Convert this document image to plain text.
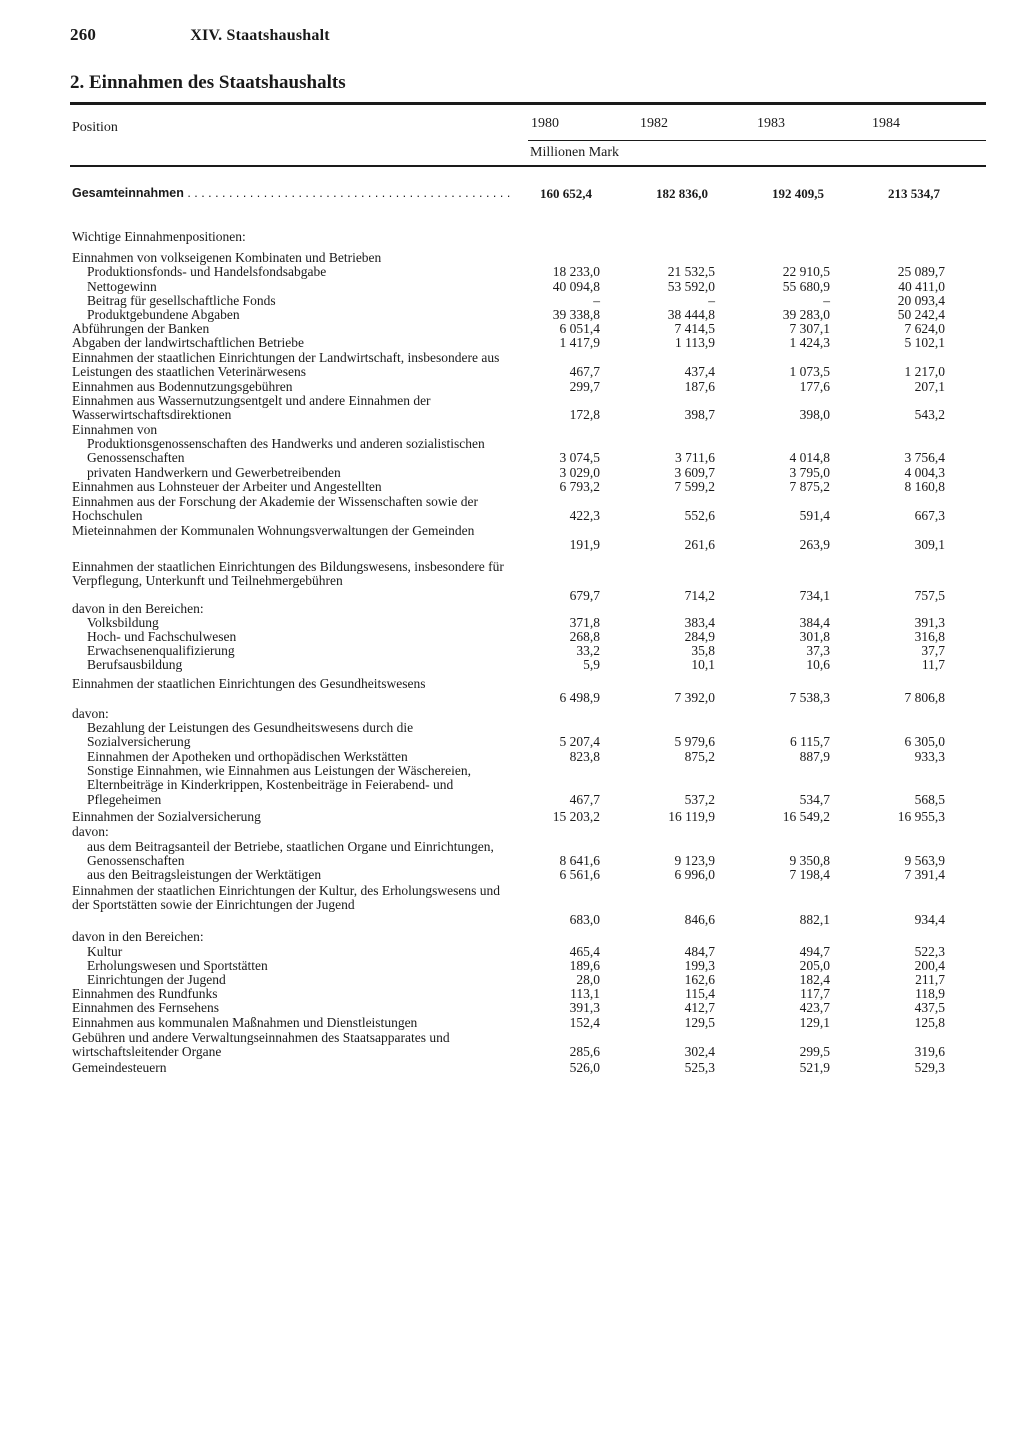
260	XIV. Staatshaushalt
2. Einnahmen des Staatshaushalts
Position	1980	1982	1983	1984
Millionen Mark
Gesamteinnahmen . . .	160 652,4	182 836,0	192 409,5	213 534,7
Wichtige Einnahmenpositionen:
Einnahmen von volkseigenen Kombinaten und Betrieben
Produktionsfonds- und Handelsfondsabgabe	18 233,0	21 532,5	22 910,5	25 089,7
Nettogewinn	40 094,8	53 592,0	55 680,9	40 411,0
Beitrag für gesellschaftliche Fonds	–	–	–	20 093,4
Produktgebundene Abgaben	39 338,8	38 444,8	39 283,0	50 242,4
Abführungen der Banken	6 051,4	7 414,5	7 307,1	7 624,0
Abgaben der landwirtschaftlichen Betriebe	1 417,9	1 113,9	1 424,3	5 102,1
Einnahmen der staatlichen Einrichtungen der Landwirtschaft, insbesondere aus Leistungen des staatlichen Veterinärwesens	467,7	437,4	1 073,5	1 217,0
Einnahmen aus Bodennutzungsgebühren	299,7	187,6	177,6	207,1
Einnahmen aus Wassernutzungsentgelt und andere Einnahmen der Wasserwirtschaftsdirektionen	172,8	398,7	398,0	543,2
Einnahmen von
Produktionsgenossenschaften des Handwerks und anderen sozialistischen Genossenschaften	3 074,5	3 711,6	4 014,8	3 756,4
privaten Handwerkern und Gewerbetreibenden	3 029,0	3 609,7	3 795,0	4 004,3
Einnahmen aus Lohnsteuer der Arbeiter und Angestellten	6 793,2	7 599,2	7 875,2	8 160,8
Einnahmen aus der Forschung der Akademie der Wissenschaften sowie der Hochschulen	422,3	552,6	591,4	667,3
Mieteinnahmen der Kommunalen Wohnungsverwaltungen der Gemeinden
191,9	261,6	263,9	309,1
Einnahmen der staatlichen Einrichtungen des Bildungswesens, insbesondere für Verpflegung, Unterkunft und Teilnehmergebühren
679,7	714,2	734,1	757,5
davon in den Bereichen:
Volksbildung	371,8	383,4	384,4	391,3
Hoch- und Fachschulwesen	268,8	284,9	301,8	316,8
Erwachsenenqualifizierung	33,2	35,8	37,3	37,7
Berufsausbildung	5,9	10,1	10,6	11,7
Einnahmen der staatlichen Einrichtungen des Gesundheitswesens
6 498,9	7 392,0	7 538,3	7 806,8
davon:
Bezahlung der Leistungen des Gesundheitswesens durch die Sozialversicherung	5 207,4	5 979,6	6 115,7	6 305,0
Einnahmen der Apotheken und orthopädischen Werkstätten	823,8	875,2	887,9	933,3
Sonstige Einnahmen, wie Einnahmen aus Leistungen der Wäschereien, Elternbeiträge in Kinderkrippen, Kostenbeiträge in Feierabend- und Pflegeheimen	467,7	537,2	534,7	568,5
Einnahmen der Sozialversicherung	15 203,2	16 119,9	16 549,2	16 955,3
davon:
aus dem Beitragsanteil der Betriebe, staatlichen Organe und Einrichtungen, Genossenschaften	8 641,6	9 123,9	9 350,8	9 563,9
aus den Beitragsleistungen der Werktätigen	6 561,6	6 996,0	7 198,4	7 391,4
Einnahmen der staatlichen Einrichtungen der Kultur, des Erholungswesens und der Sportstätten sowie der Einrichtungen der Jugend
683,0	846,6	882,1	934,4
davon in den Bereichen:
Kultur	465,4	484,7	494,7	522,3
Erholungswesen und Sportstätten	189,6	199,3	205,0	200,4
Einrichtungen der Jugend	28,0	162,6	182,4	211,7
Einnahmen des Rundfunks	113,1	115,4	117,7	118,9
Einnahmen des Fernsehens	391,3	412,7	423,7	437,5
Einnahmen aus kommunalen Maßnahmen und Dienstleistungen	152,4	129,5	129,1	125,8
Gebühren und andere Verwaltungseinnahmen des Staatsapparates und wirtschaftsleitender Organe	285,6	302,4	299,5	319,6
Gemeindesteuern	526,0	525,3	521,9	529,3
